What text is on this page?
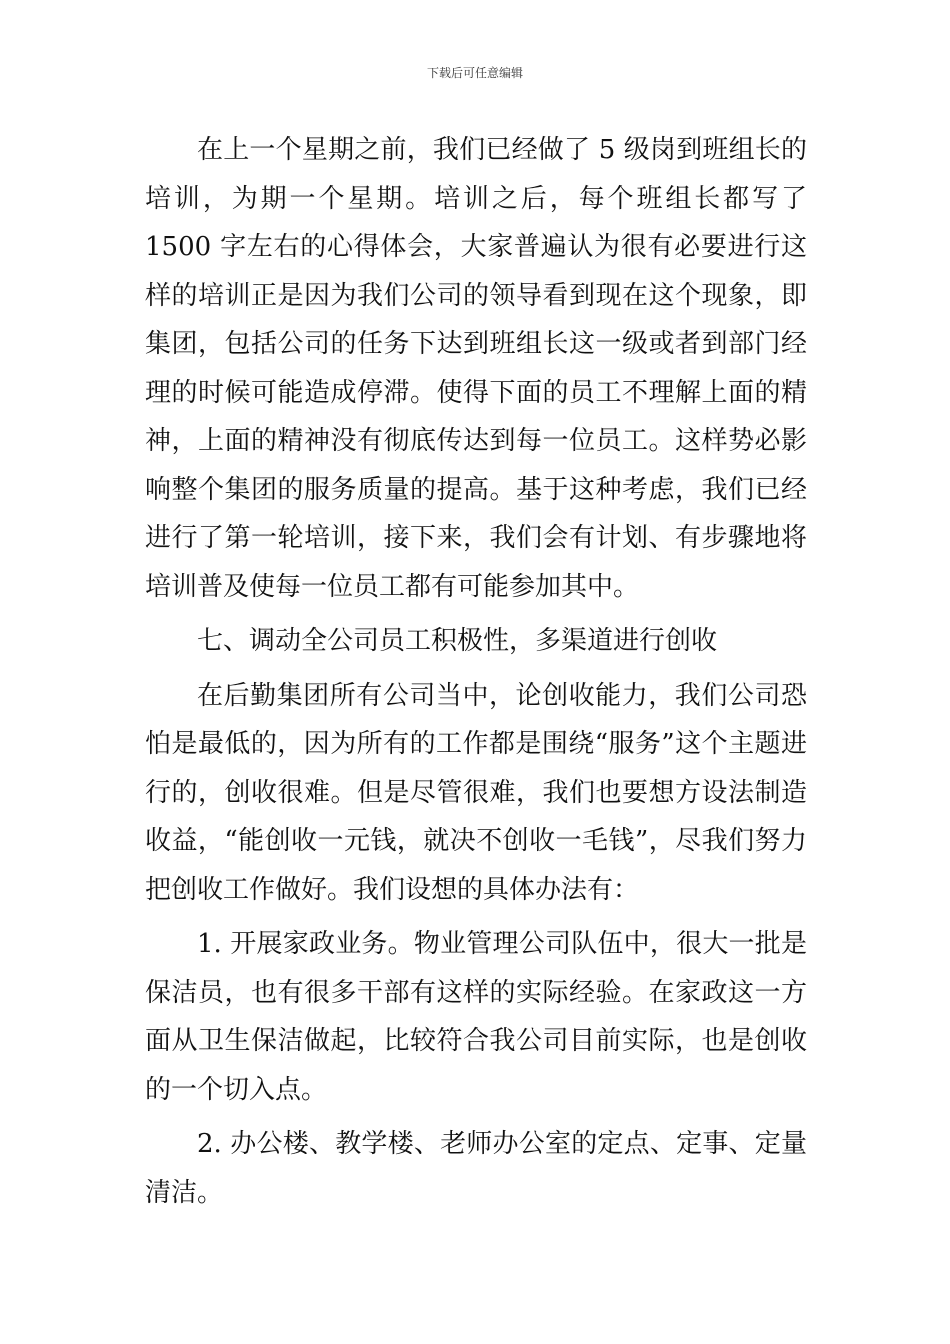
下载后可任意编辑

在上一个星期之前，我们已经做了 5 级岗到班组长的培训，为期一个星期。培训之后，每个班组长都写了 1500 字左右的心得体会，大家普遍认为很有必要进行这样的培训正是因为我们公司的领导看到现在这个现象，即集团，包括公司的任务下达到班组长这一级或者到部门经理的时候可能造成停滞。使得下面的员工不理解上面的精神，上面的精神没有彻底传达到每一位员工。这样势必影响整个集团的服务质量的提高。基于这种考虑，我们已经进行了第一轮培训，接下来，我们会有计划、有步骤地将培训普及使每一位员工都有可能参加其中。

七、调动全公司员工积极性，多渠道进行创收

在后勤集团所有公司当中，论创收能力，我们公司恐怕是最低的，因为所有的工作都是围绕“服务”这个主题进行的，创收很难。但是尽管很难，我们也要想方设法制造收益，“能创收一元钱，就决不创收一毛钱”，尽我们努力把创收工作做好。我们设想的具体办法有：

1. 开展家政业务。物业管理公司队伍中，很大一批是保洁员，也有很多干部有这样的实际经验。在家政这一方面从卫生保洁做起，比较符合我公司目前实际，也是创收的一个切入点。

2. 办公楼、教学楼、老师办公室的定点、定事、定量清洁。
